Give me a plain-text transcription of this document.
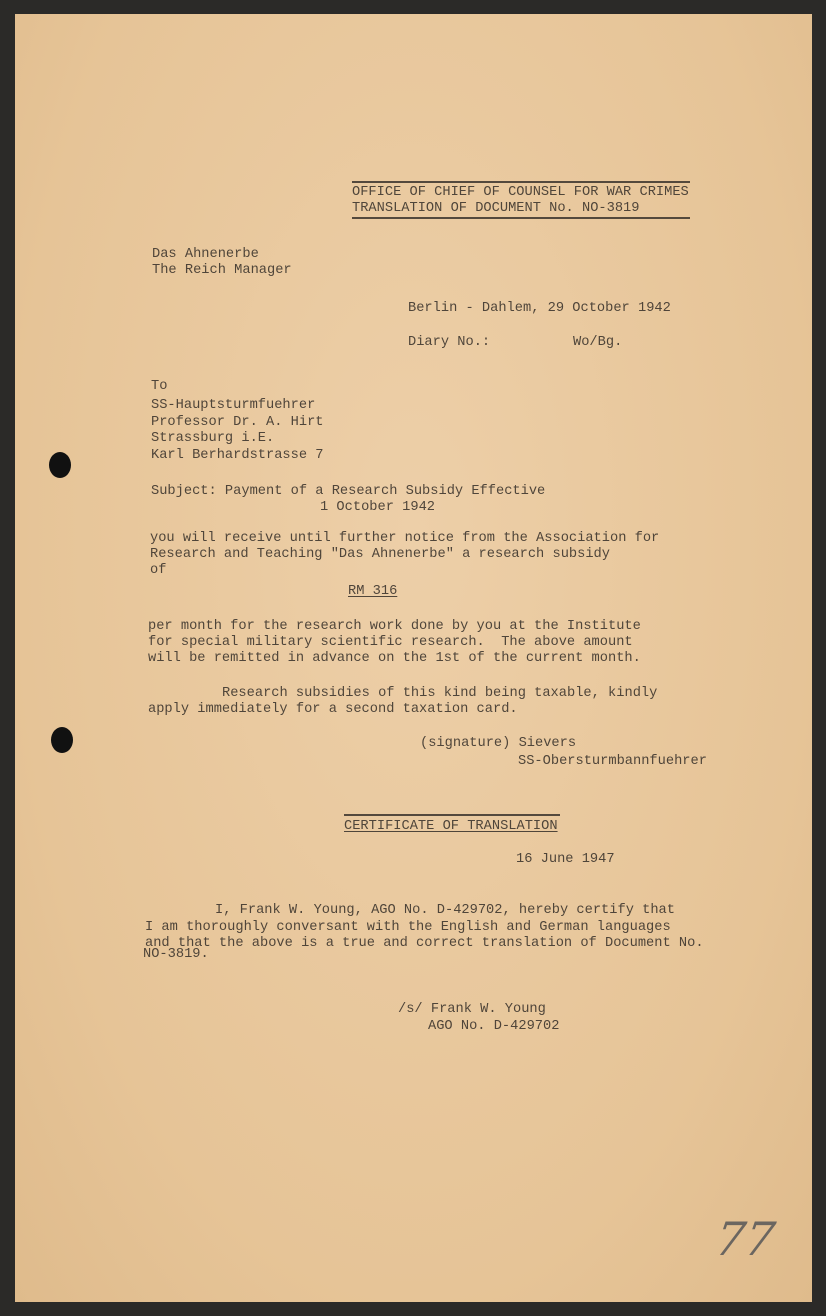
OFFICE OF CHIEF OF COUNSEL FOR WAR CRIMES
TRANSLATION OF DOCUMENT No. NO-3819
Das Ahnenerbe
The Reich Manager
Berlin - Dahlem, 29 October 1942
Diary No.:	Wo/Bg.
To
SS-Hauptsturmfuehrer
Professor Dr. A. Hirt
Strassburg i.E.
Karl Berhardstrasse 7
Subject: Payment of a Research Subsidy Effective
1 October 1942
you will receive until further notice from the Association for
Research and Teaching "Das Ahnenerbe" a research subsidy
of
RM 316
per month for the research work done by you at the Institute
for special military scientific research.  The above amount
will be remitted in advance on the 1st of the current month.
Research subsidies of this kind being taxable, kindly
apply immediately for a second taxation card.
(signature) Sievers
SS-Obersturmbannfuehrer
CERTIFICATE OF TRANSLATION
16 June 1947
I, Frank W. Young, AGO No. D-429702, hereby certify that
I am thoroughly conversant with the English and German languages
and that the above is a true and correct translation of Document No.
NO-3819.
/s/ Frank W. Young
AGO No. D-429702
77
